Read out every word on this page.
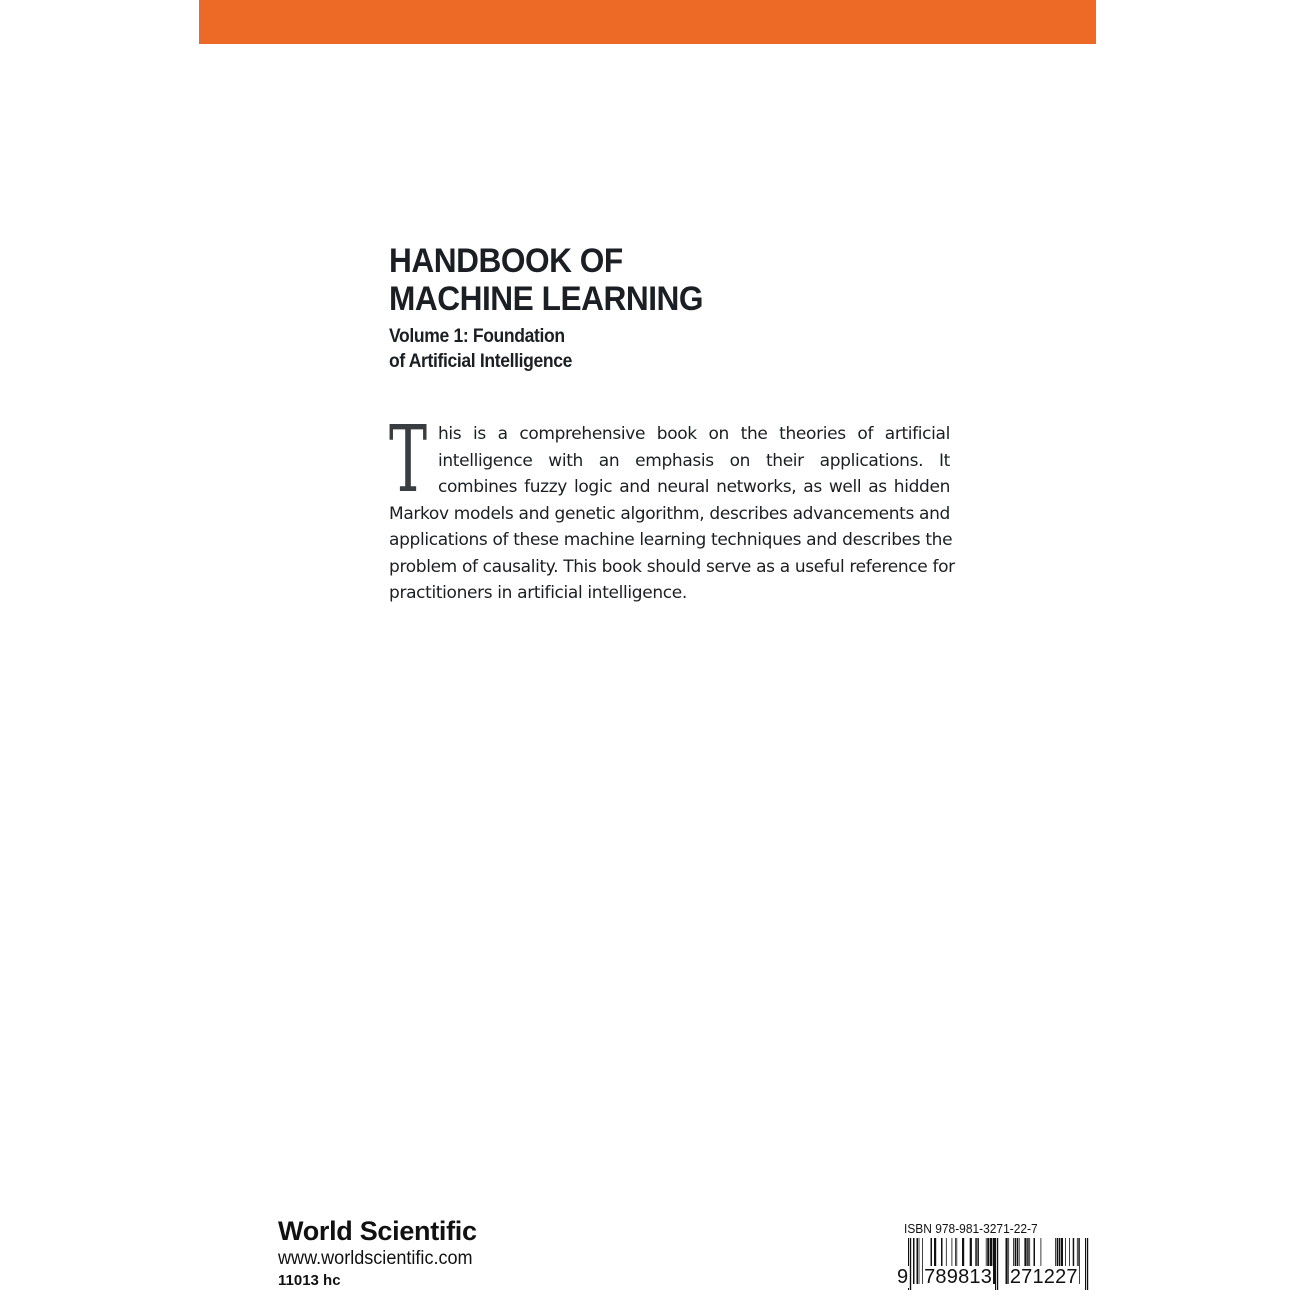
HANDBOOK OF
MACHINE LEARNING
Volume 1: Foundation
of Artificial Intelligence
T his is a comprehensive book on the theories of artificial
intelligence with an emphasis on their applications. It
combines fuzzy logic and neural networks, as well as hidden
Markov models and genetic algorithm, describes advancements and
applications of these machine learning techniques and describes the
problem of causality. This book should serve as a useful reference for
practitioners in artificial intelligence.
World Scientific
www.worldscientific.com
11013 hc
ISBN 978-981-3271-22-7
9 789813 271227
